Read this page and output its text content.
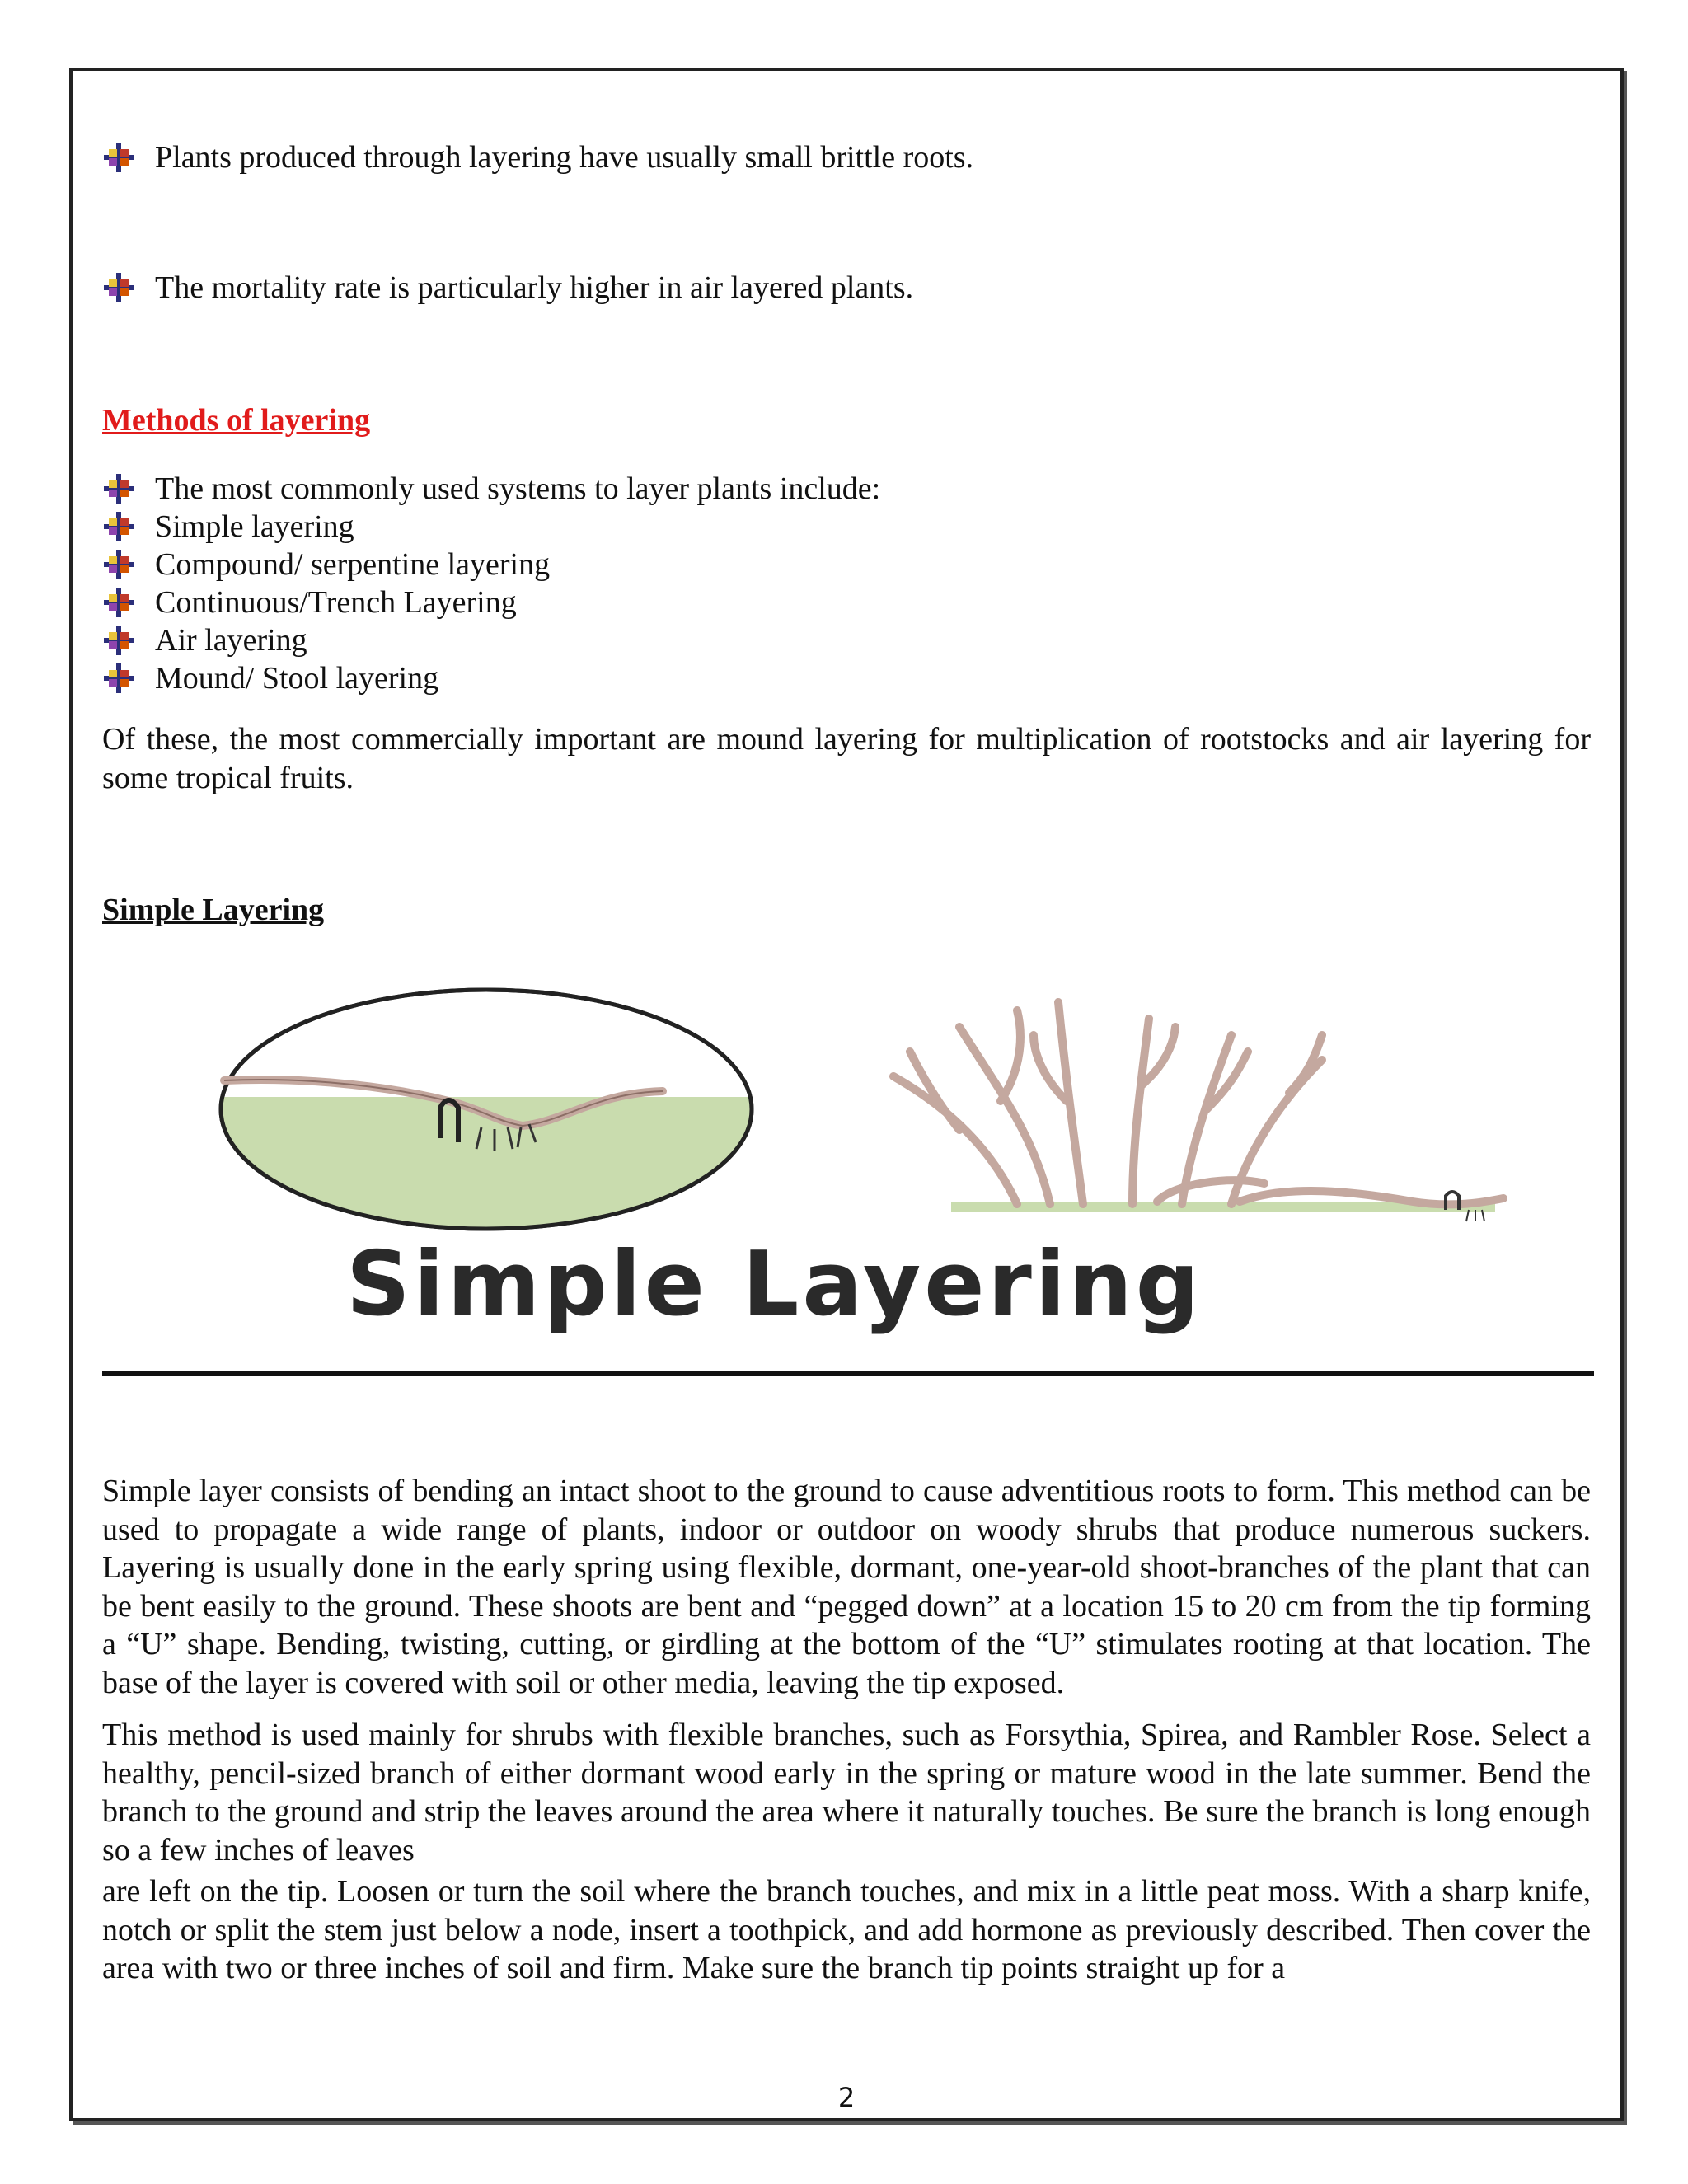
Plants produced through layering have usually small brittle roots.
The mortality rate is particularly higher in air layered plants.
Methods of layering
The most commonly used systems to layer plants include:
Simple layering
Compound/ serpentine layering
Continuous/Trench Layering
Air layering
Mound/ Stool layering
Of these, the most commercially important are mound layering for multiplication of rootstocks and air layering for some tropical fruits.
Simple Layering
Simple Layering
Simple layer consists of bending an intact shoot to the ground to cause adventitious roots to form. This method can be used to propagate a wide range of plants, indoor or outdoor on woody shrubs that produce numerous suckers. Layering is usually done in the early spring using flexible, dormant, one-year-old shoot-branches of the plant that can be bent easily to the ground. These shoots are bent and “pegged down” at a location 15 to 20 cm from the tip forming a “U” shape. Bending, twisting, cutting, or girdling at the bottom of the “U” stimulates rooting at that location. The base of the layer is covered with soil or other media, leaving the tip exposed.
This method is used mainly for shrubs with flexible branches, such as Forsythia, Spirea, and Rambler Rose. Select a healthy, pencil-sized branch of either dormant wood early in the spring or mature wood in the late summer. Bend the branch to the ground and strip the leaves around the area where it naturally touches. Be sure the branch is long enough so a few inches of leaves
are left on the tip. Loosen or turn the soil where the branch touches, and mix in a little peat moss. With a sharp knife, notch or split the stem just below a node, insert a toothpick, and add hormone as previously described. Then cover the area with two or three inches of soil and firm. Make sure the branch tip points straight up for a
2
